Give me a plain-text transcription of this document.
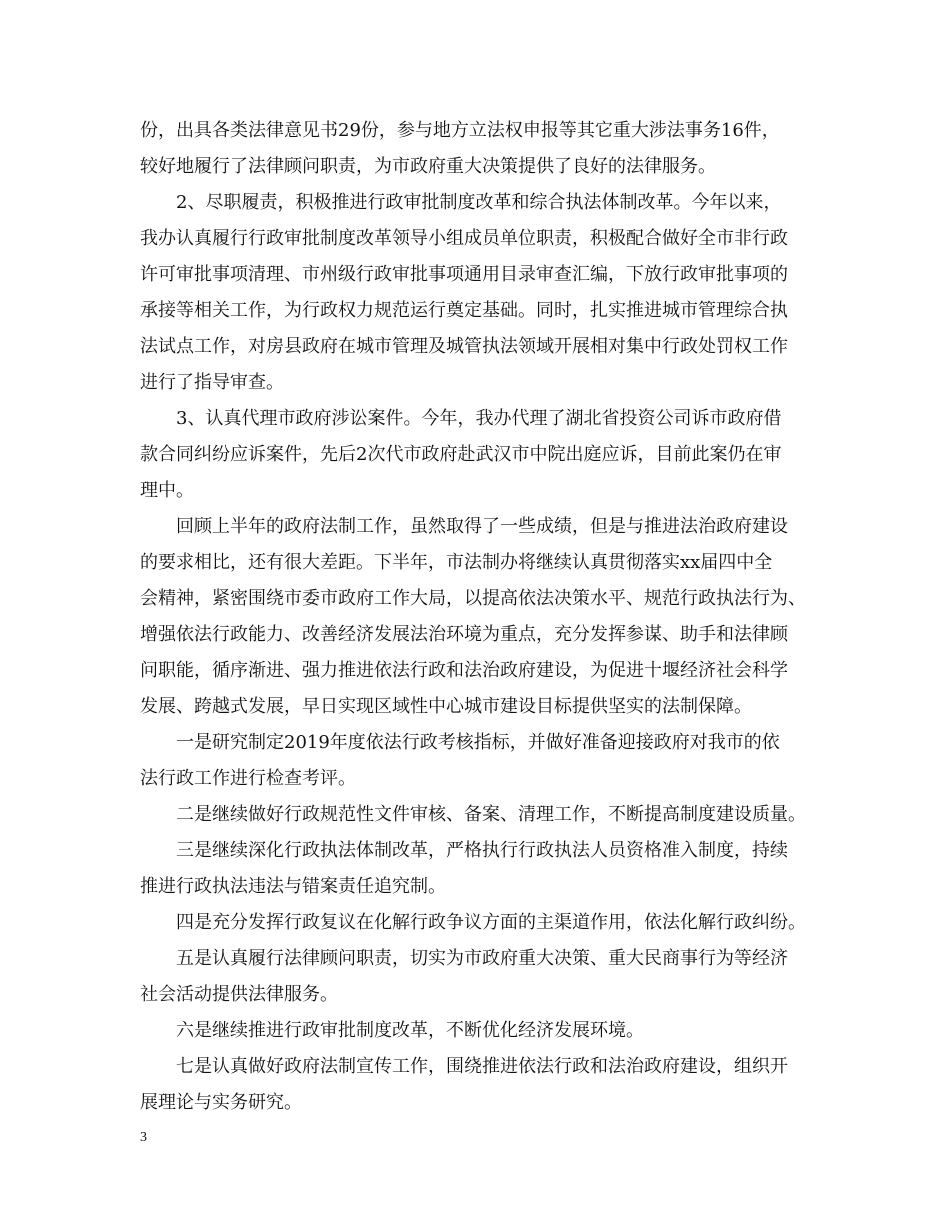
份，出具各类法律意见书29份，参与地方立法权申报等其它重大涉法事务16件，
较好地履行了法律顾问职责，为市政府重大决策提供了良好的法律服务。
2、尽职履责，积极推进行政审批制度改革和综合执法体制改革。今年以来，
我办认真履行行政审批制度改革领导小组成员单位职责，积极配合做好全市非行政
许可审批事项清理、市州级行政审批事项通用目录审查汇编，下放行政审批事项的
承接等相关工作，为行政权力规范运行奠定基础。同时，扎实推进城市管理综合执
法试点工作，对房县政府在城市管理及城管执法领域开展相对集中行政处罚权工作
进行了指导审查。
3、认真代理市政府涉讼案件。今年，我办代理了湖北省投资公司诉市政府借
款合同纠纷应诉案件，先后2次代市政府赴武汉市中院出庭应诉，目前此案仍在审
理中。
回顾上半年的政府法制工作，虽然取得了一些成绩，但是与推进法治政府建设
的要求相比，还有很大差距。下半年，市法制办将继续认真贯彻落实xx届四中全
会精神，紧密围绕市委市政府工作大局，以提高依法决策水平、规范行政执法行为、
增强依法行政能力、改善经济发展法治环境为重点，充分发挥参谋、助手和法律顾
问职能，循序渐进、强力推进依法行政和法治政府建设，为促进十堰经济社会科学
发展、跨越式发展，早日实现区域性中心城市建设目标提供坚实的法制保障。
一是研究制定2019年度依法行政考核指标，并做好准备迎接政府对我市的依
法行政工作进行检查考评。
二是继续做好行政规范性文件审核、备案、清理工作，不断提高制度建设质量。
三是继续深化行政执法体制改革，严格执行行政执法人员资格准入制度，持续
推进行政执法违法与错案责任追究制。
四是充分发挥行政复议在化解行政争议方面的主渠道作用，依法化解行政纠纷。
五是认真履行法律顾问职责，切实为市政府重大决策、重大民商事行为等经济
社会活动提供法律服务。
六是继续推进行政审批制度改革，不断优化经济发展环境。
七是认真做好政府法制宣传工作，围绕推进依法行政和法治政府建设，组织开
展理论与实务研究。
3
